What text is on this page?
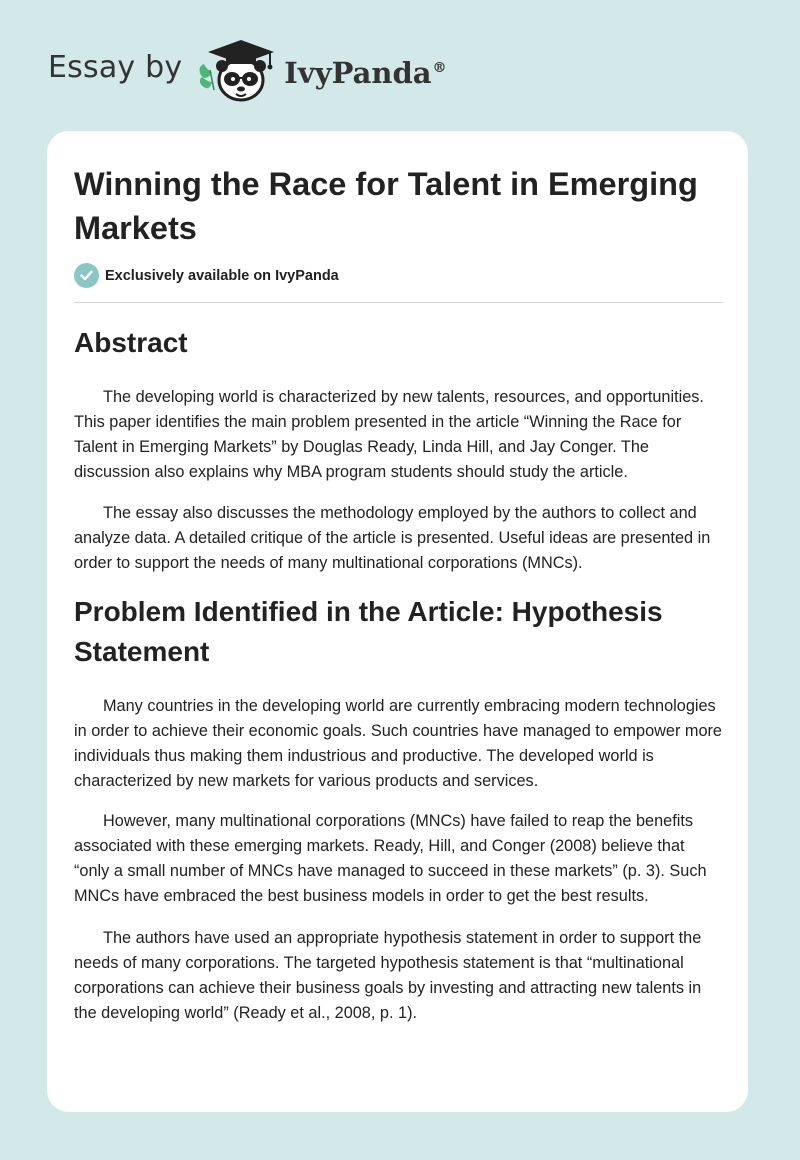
Essay by	IvyPanda®
Winning the Race for Talent in Emerging Markets
Exclusively available on IvyPanda
Abstract

The developing world is characterized by new talents, resources, and opportunities. This paper identifies the main problem presented in the article “Winning the Race for Talent in Emerging Markets” by Douglas Ready, Linda Hill, and Jay Conger. The discussion also explains why MBA program students should study the article.

The essay also discusses the methodology employed by the authors to collect and analyze data. A detailed critique of the article is presented. Useful ideas are presented in order to support the needs of many multinational corporations (MNCs).

Problem Identified in the Article: Hypothesis Statement

Many countries in the developing world are currently embracing modern technologies in order to achieve their economic goals. Such countries have managed to empower more individuals thus making them industrious and productive. The developed world is characterized by new markets for various products and services.

However, many multinational corporations (MNCs) have failed to reap the benefits associated with these emerging markets. Ready, Hill, and Conger (2008) believe that “only a small number of MNCs have managed to succeed in these markets” (p. 3). Such MNCs have embraced the best business models in order to get the best results.

The authors have used an appropriate hypothesis statement in order to support the needs of many corporations. The targeted hypothesis statement is that “multinational corporations can achieve their business goals by investing and attracting new talents in the developing world” (Ready et al., 2008, p. 1).
